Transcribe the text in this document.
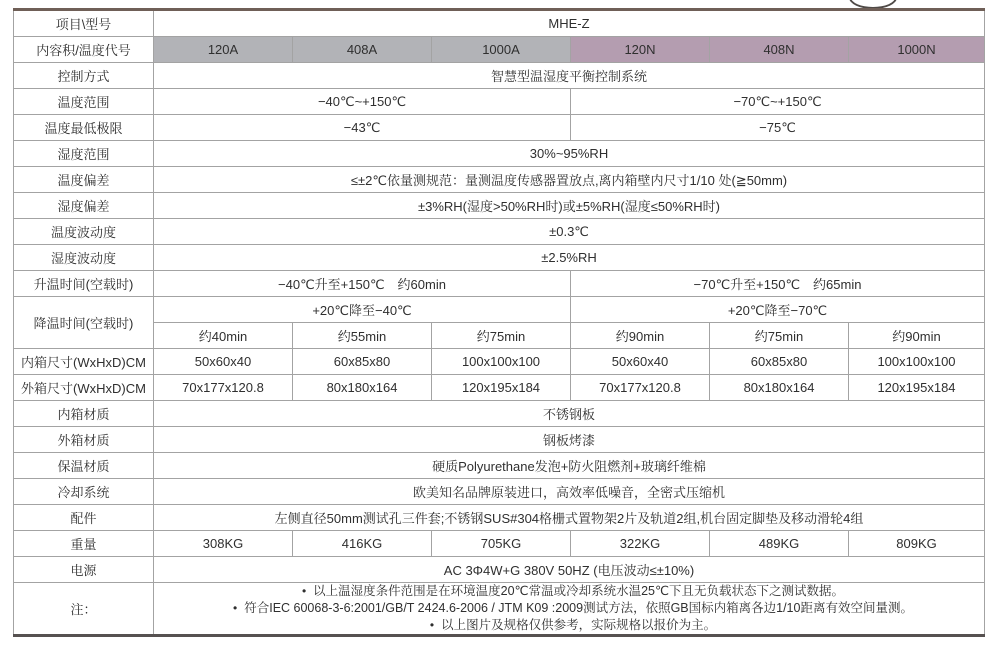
项目\型号	MHE-Z					
内容积/温度代号	120A	408A	1000A	120N	408N	1000N
控制方式	智慧型温湿度平衡控制系统					
温度范围	−40℃~+150℃			−70℃~+150℃		
温度最低极限	−43℃			−75℃		
湿度范围	30%~95%RH					
温度偏差	≤±2℃依量测规范：量测温度传感器置放点,离内箱壁内尺寸1/10 处(≧50mm)					
湿度偏差	±3%RH(湿度>50%RH时)或±5%RH(湿度≤50%RH时)					
温度波动度	±0.3℃					
湿度波动度	±2.5%RH					
升温时间(空载时)	−40℃升至+150℃　约60min			−70℃升至+150℃　约65min		
降温时间(空载时)	+20℃降至−40℃			+20℃降至−70℃		
	约40min	约55min	约75min	约90min	约75min	约90min
内箱尺寸(WxHxD)CM	50x60x40	60x85x80	100x100x100	50x60x40	60x85x80	100x100x100
外箱尺寸(WxHxD)CM	70x177x120.8	80x180x164	120x195x184	70x177x120.8	80x180x164	120x195x184
内箱材质	不锈钢板					
外箱材质	钢板烤漆					
保温材质	硬质Polyurethane发泡+防火阻燃剂+玻璃纤维棉					
冷却系统	欧美知名品牌原装进口，高效率低噪音，全密式压缩机					
配件	左侧直径50mm测试孔三件套;不锈钢SUS#304格栅式置物架2片及轨道2组,机台固定脚垫及移动滑轮4组					
重量	308KG	416KG	705KG	322KG	489KG	809KG
电源	AC 3Φ4W+G 380V 50HZ (电压波动≤±10%)					
注：	• 以上温湿度条件范围是在环境温度20℃常温或冷却系统水温25℃下且无负载状态下之测试数据。
• 符合IEC 60068-3-6:2001/GB/T 2424.6-2006 / JTM K09 :2009测试方法，依照GB国标内箱离各边1/10距离有效空间量测。
• 以上图片及规格仅供参考，实际规格以报价为主。
